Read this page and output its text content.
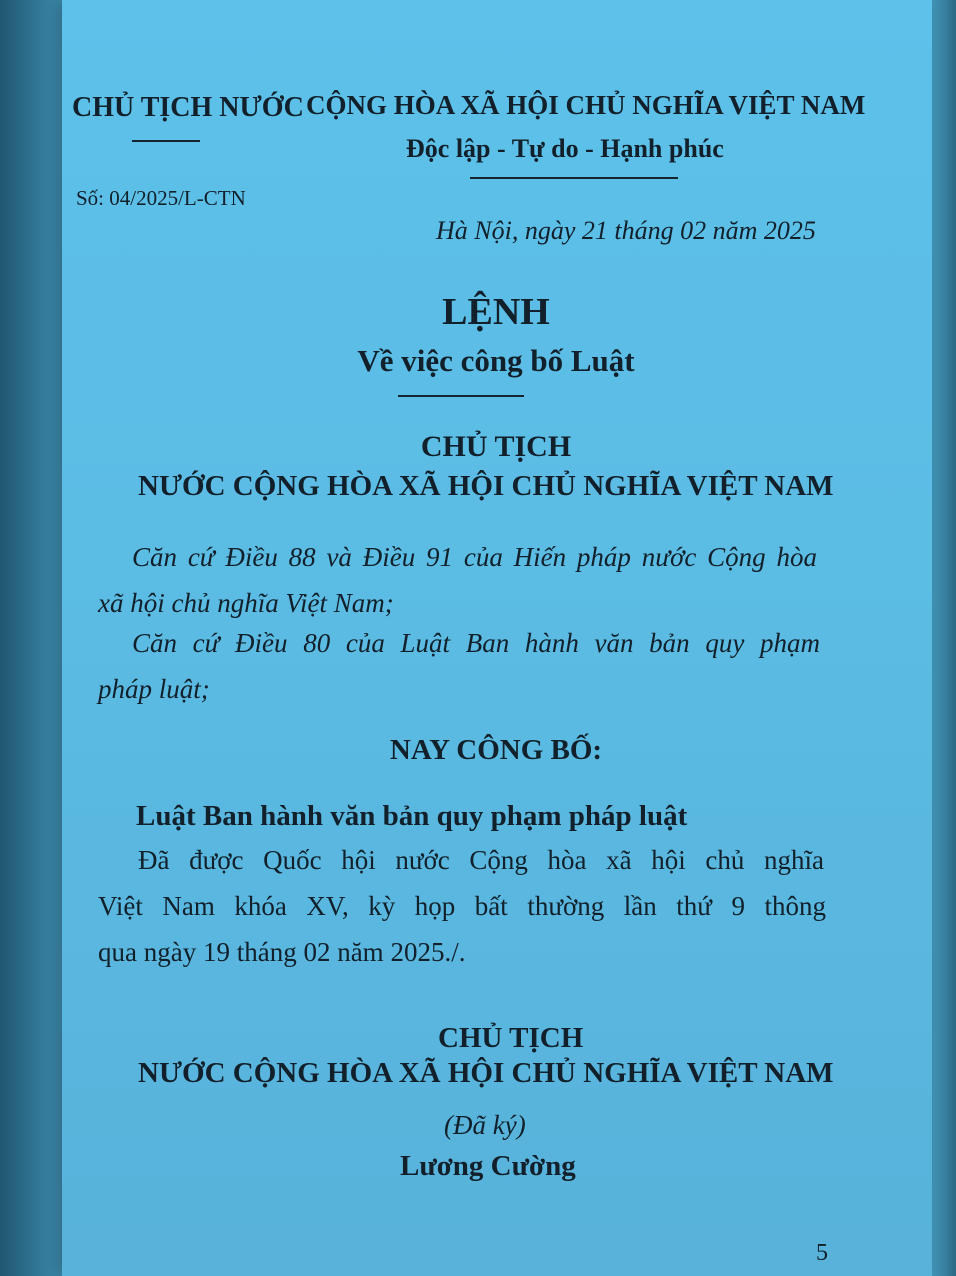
CHỦ TỊCH NƯỚC
Số: 04/2025/L-CTN
CỘNG HÒA XÃ HỘI CHỦ NGHĨA VIỆT NAM
Độc lập - Tự do - Hạnh phúc
Hà Nội, ngày 21 tháng 02 năm 2025
LỆNH
Về việc công bố Luật
CHỦ TỊCH
NƯỚC CỘNG HÒA XÃ HỘI CHỦ NGHĨA VIỆT NAM
Căn cứ Điều 88 và Điều 91 của Hiến pháp nước Cộng hòa
xã hội chủ nghĩa Việt Nam;
Căn cứ Điều 80 của Luật Ban hành văn bản quy phạm
pháp luật;
NAY CÔNG BỐ:
Luật Ban hành văn bản quy phạm pháp luật
Đã được Quốc hội nước Cộng hòa xã hội chủ nghĩa
Việt Nam khóa XV, kỳ họp bất thường lần thứ 9 thông
qua ngày 19 tháng 02 năm 2025./.
CHỦ TỊCH
NƯỚC CỘNG HÒA XÃ HỘI CHỦ NGHĨA VIỆT NAM
(Đã ký)
Lương Cường
5
